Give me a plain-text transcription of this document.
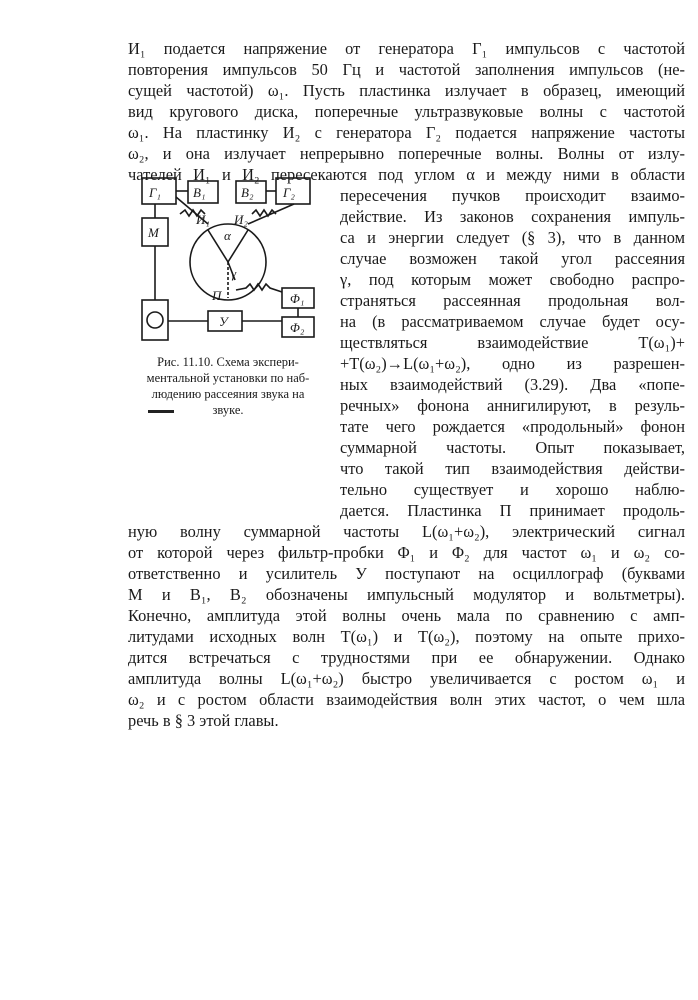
И₁ подается напряжение от генератора Г₁ импульсов с частотой
повторения импульсов 50 Гц и частотой заполнения импульсов (не-
сущей частотой) ω₁. Пусть пластинка излучает в образец, имеющий
вид кругового диска, поперечные ультразвуковые волны с частотой
ω₁. На пластинку И₂ с генератора Г₂ подается напряжение частоты
ω₂, и она излучает непрерывно поперечные волны. Волны от излу-
чателей И₁ и И₂ пересекаются под углом α и между ними в области
Г₁ B₁	B₂ Г₂
M
И₁ И₂
α
γ
П	Φ₁
Φ₂
У
Рис. 11.10. Схема экспери-
ментальной установки по наб-
людению рассеяния звука на
звуке.
пересечения пучков происходит взаимо-
действие. Из законов сохранения импуль-
са и энергии следует (§ 3), что в данном
случае возможен такой угол рассеяния
γ, под которым может свободно распро-
страняться рассеянная продольная вол-
на (в рассматриваемом случае будет осу-
ществляться взаимодействие T(ω₁)+
+T(ω₂)→L(ω₁+ω₂), одно из разрешен-
ных взаимодействий (3.29). Два «попе-
речных» фонона аннигилируют, в резуль-
тате чего рождается «продольный» фонон
суммарной частоты. Опыт показывает,
что такой тип взаимодействия действи-
тельно существует и хорошо наблю-
дается. Пластинка П принимает продоль-
ную волну суммарной частоты L(ω₁+ω₂), электрический сигнал
от которой через фильтр-пробки Φ₁ и Φ₂ для частот ω₁ и ω₂ со-
ответственно и усилитель У поступают на осциллограф (буквами
M и B₁, B₂ обозначены импульсный модулятор и вольтметры).
Конечно, амплитуда этой волны очень мала по сравнению с амп-
литудами исходных волн T(ω₁) и T(ω₂), поэтому на опыте прихо-
дится встречаться с трудностями при ее обнаружении. Однако
амплитуда волны L(ω₁+ω₂) быстро увеличивается с ростом ω₁ и
ω₂ и с ростом области взаимодействия волн этих частот, о чем шла
речь в § 3 этой главы.
